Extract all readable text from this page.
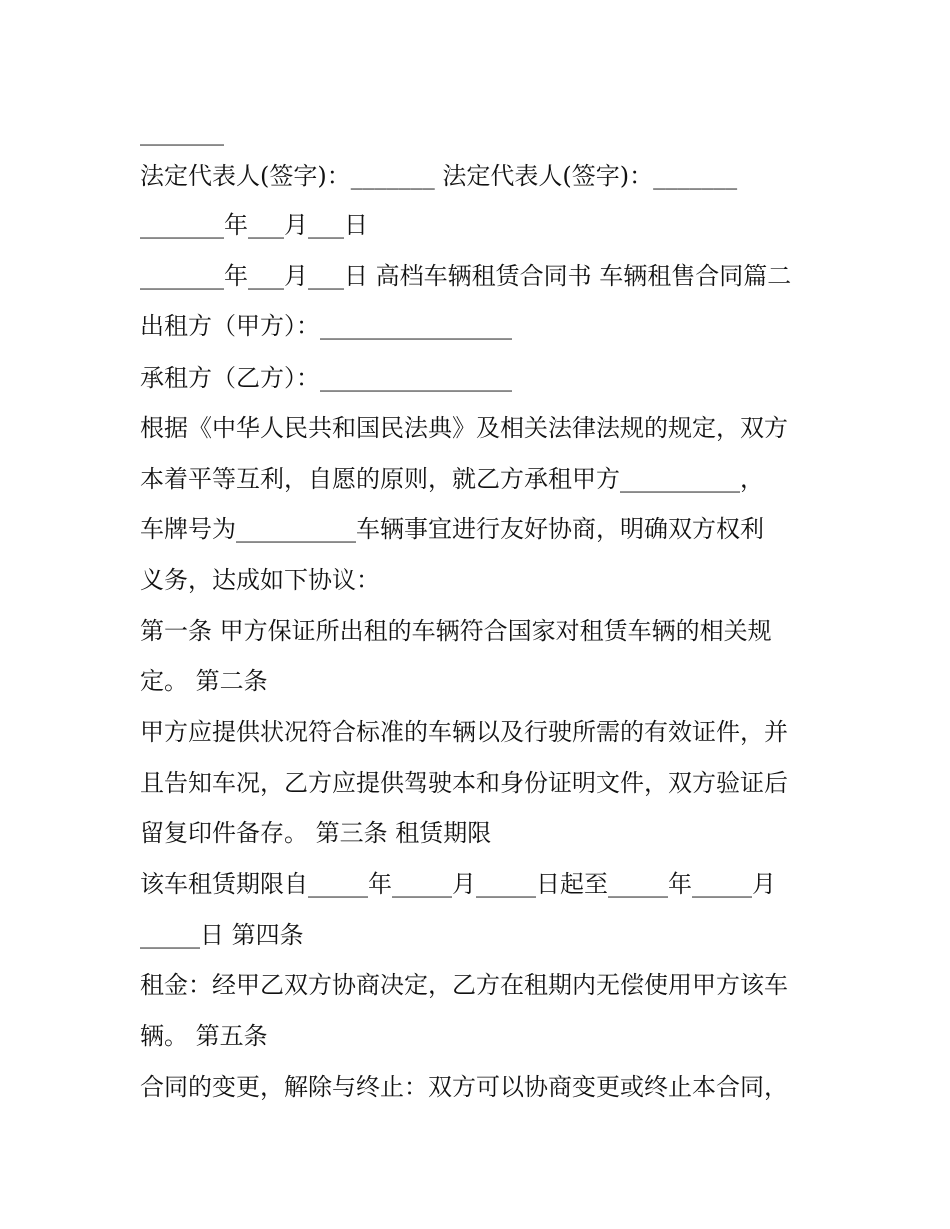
_______
法定代表人(签字)：_______ 法定代表人(签字)：_______
_______年___月___日
_______年___月___日 高档车辆租赁合同书 车辆租售合同篇二
出租方（甲方）：________________
承租方（乙方）：________________
根据《中华人民共和国民法典》及相关法律法规的规定，双方
本着平等互利，自愿的原则，就乙方承租甲方__________，
车牌号为__________车辆事宜进行友好协商，明确双方权利
义务，达成如下协议：
第一条 甲方保证所出租的车辆符合国家对租赁车辆的相关规
定。 第二条
甲方应提供状况符合标准的车辆以及行驶所需的有效证件，并
且告知车况，乙方应提供驾驶本和身份证明文件，双方验证后
留复印件备存。 第三条 租赁期限
该车租赁期限自_____年_____月_____日起至_____年_____月
_____日 第四条
租金：经甲乙双方协商决定，乙方在租期内无偿使用甲方该车
辆。 第五条
合同的变更，解除与终止：双方可以协商变更或终止本合同，
